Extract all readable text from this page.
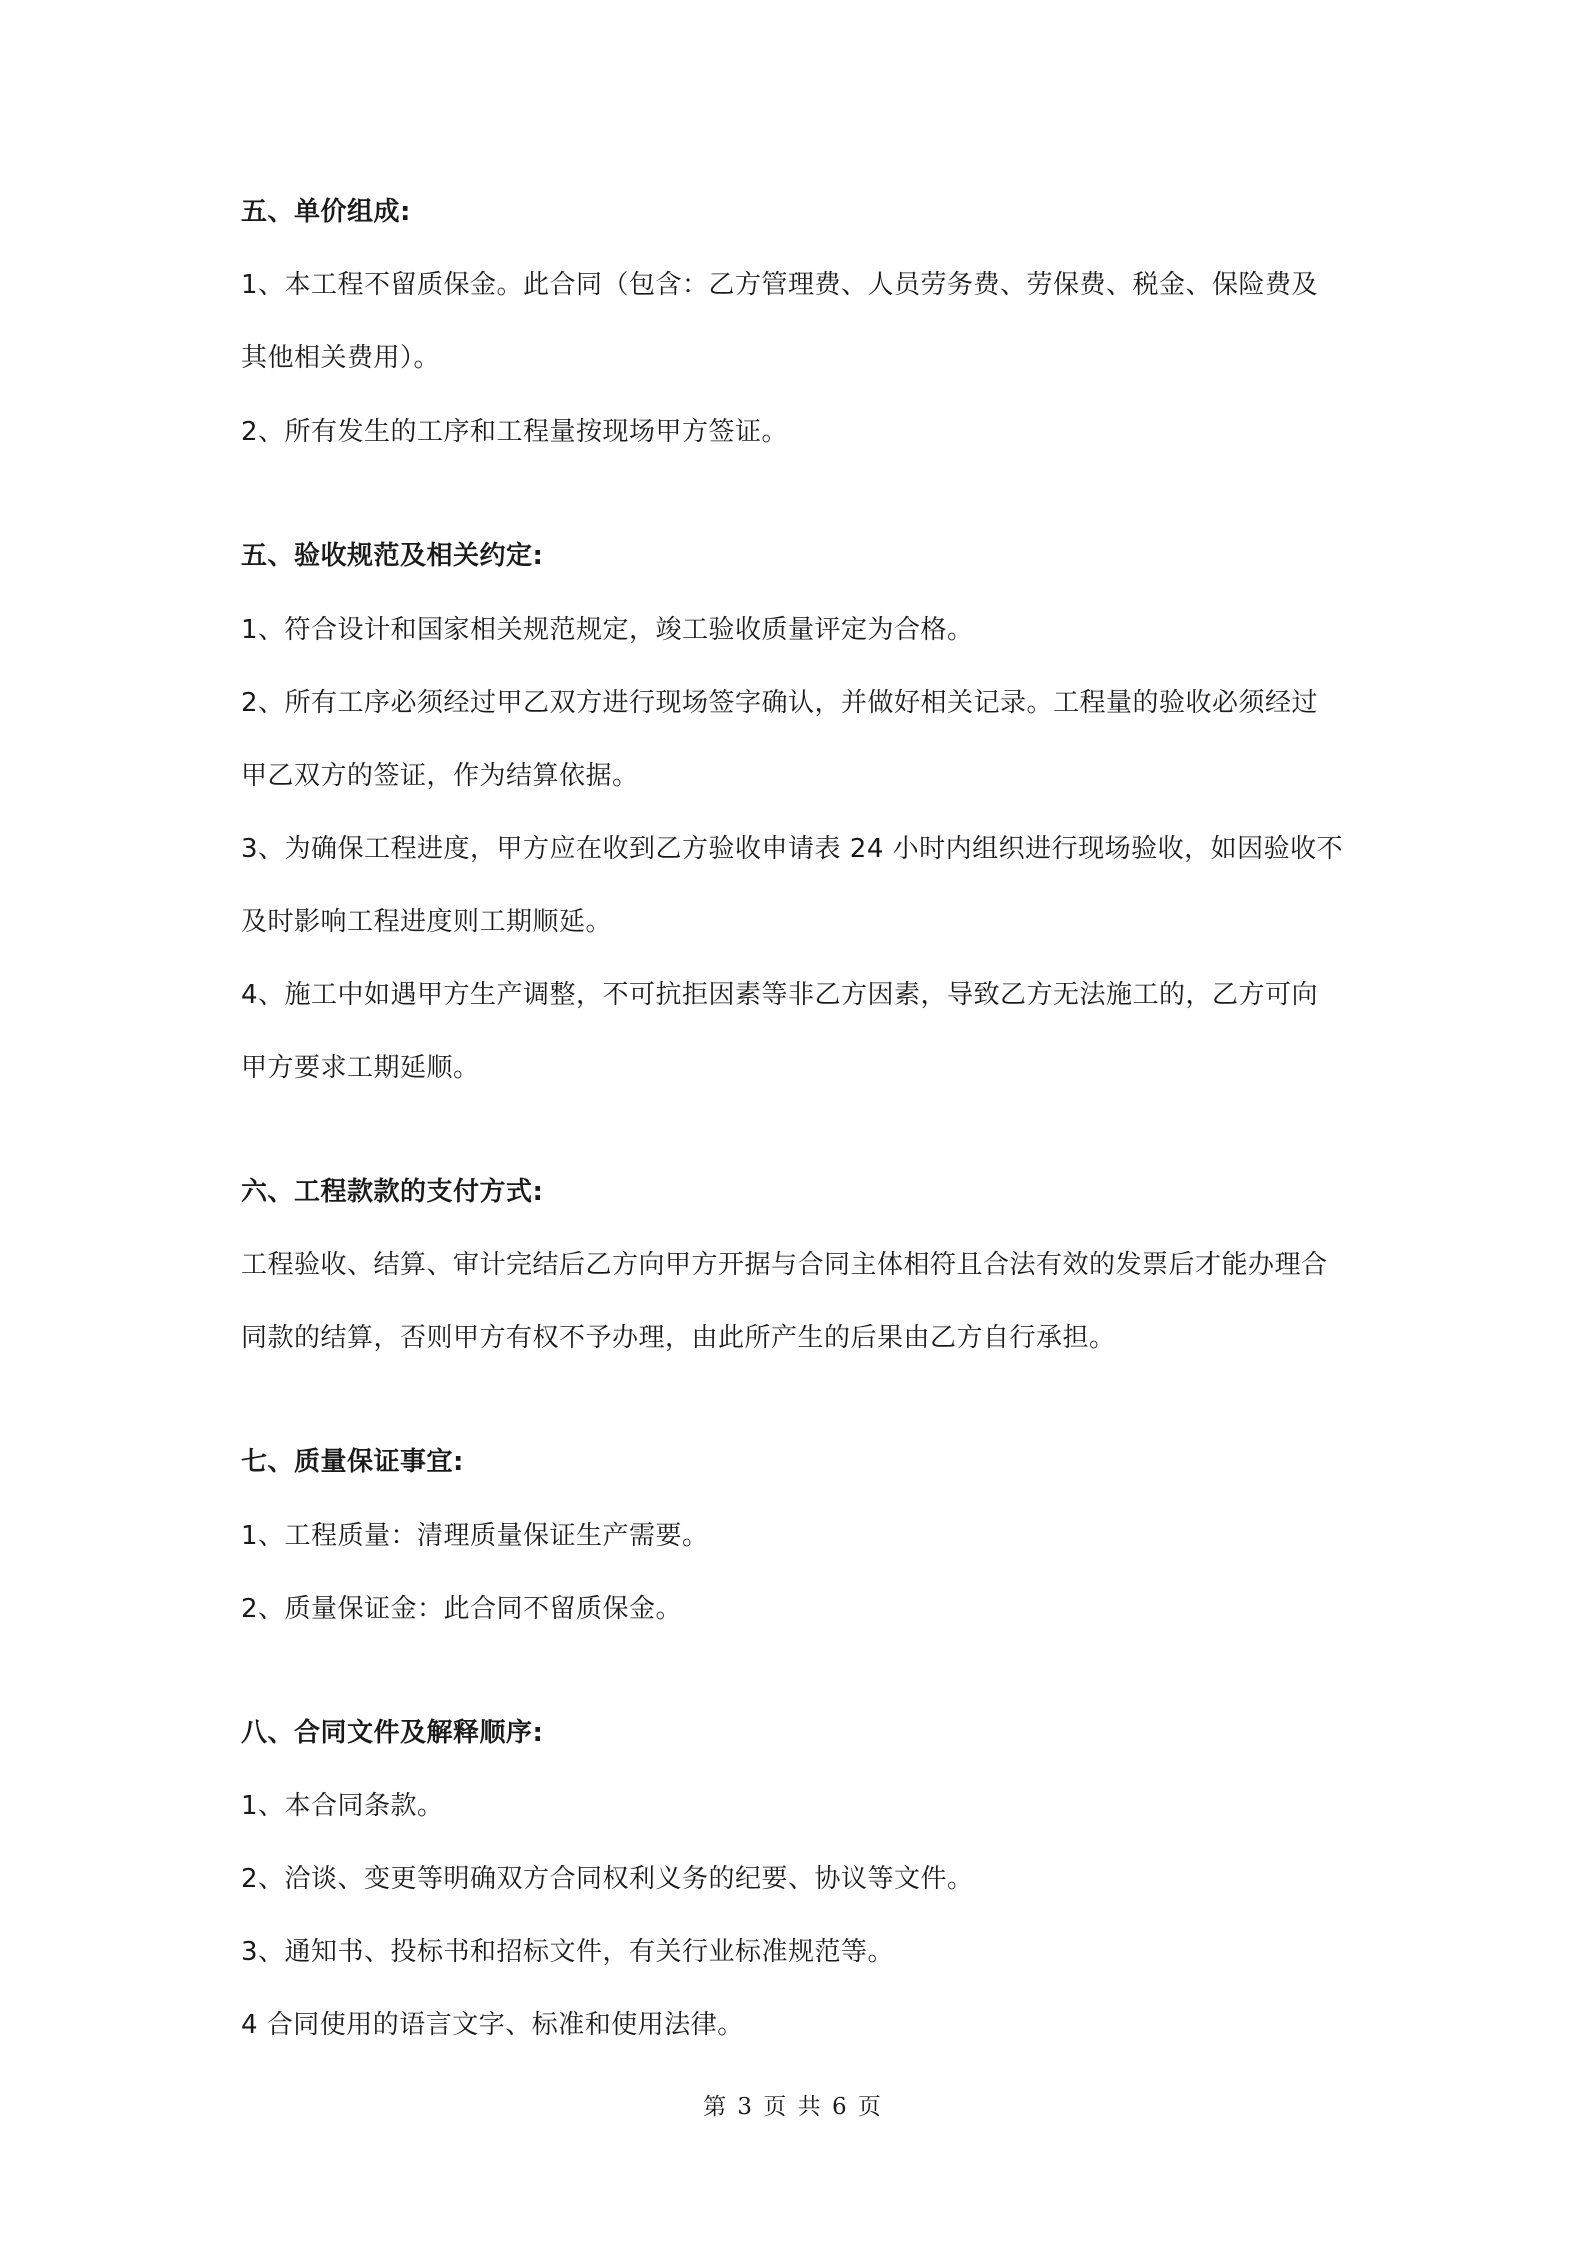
五、单价组成:
1、本工程不留质保金。此合同（包含：乙方管理费、人员劳务费、劳保费、税金、保险费及
其他相关费用）。
2、所有发生的工序和工程量按现场甲方签证。
五、验收规范及相关约定:
1、符合设计和国家相关规范规定，竣工验收质量评定为合格。
2、所有工序必须经过甲乙双方进行现场签字确认，并做好相关记录。工程量的验收必须经过
甲乙双方的签证，作为结算依据。
3、为确保工程进度，甲方应在收到乙方验收申请表 24 小时内组织进行现场验收，如因验收不
及时影响工程进度则工期顺延。
4、施工中如遇甲方生产调整，不可抗拒因素等非乙方因素，导致乙方无法施工的，乙方可向
甲方要求工期延顺。
六、工程款款的支付方式:
工程验收、结算、审计完结后乙方向甲方开据与合同主体相符且合法有效的发票后才能办理合
同款的结算，否则甲方有权不予办理，由此所产生的后果由乙方自行承担。
七、质量保证事宜:
1、工程质量：清理质量保证生产需要。
2、质量保证金：此合同不留质保金。
八、合同文件及解释顺序:
1、本合同条款。
2、洽谈、变更等明确双方合同权利义务的纪要、协议等文件。
3、通知书、投标书和招标文件，有关行业标准规范等。
4 合同使用的语言文字、标准和使用法律。
第 3 页 共 6 页
